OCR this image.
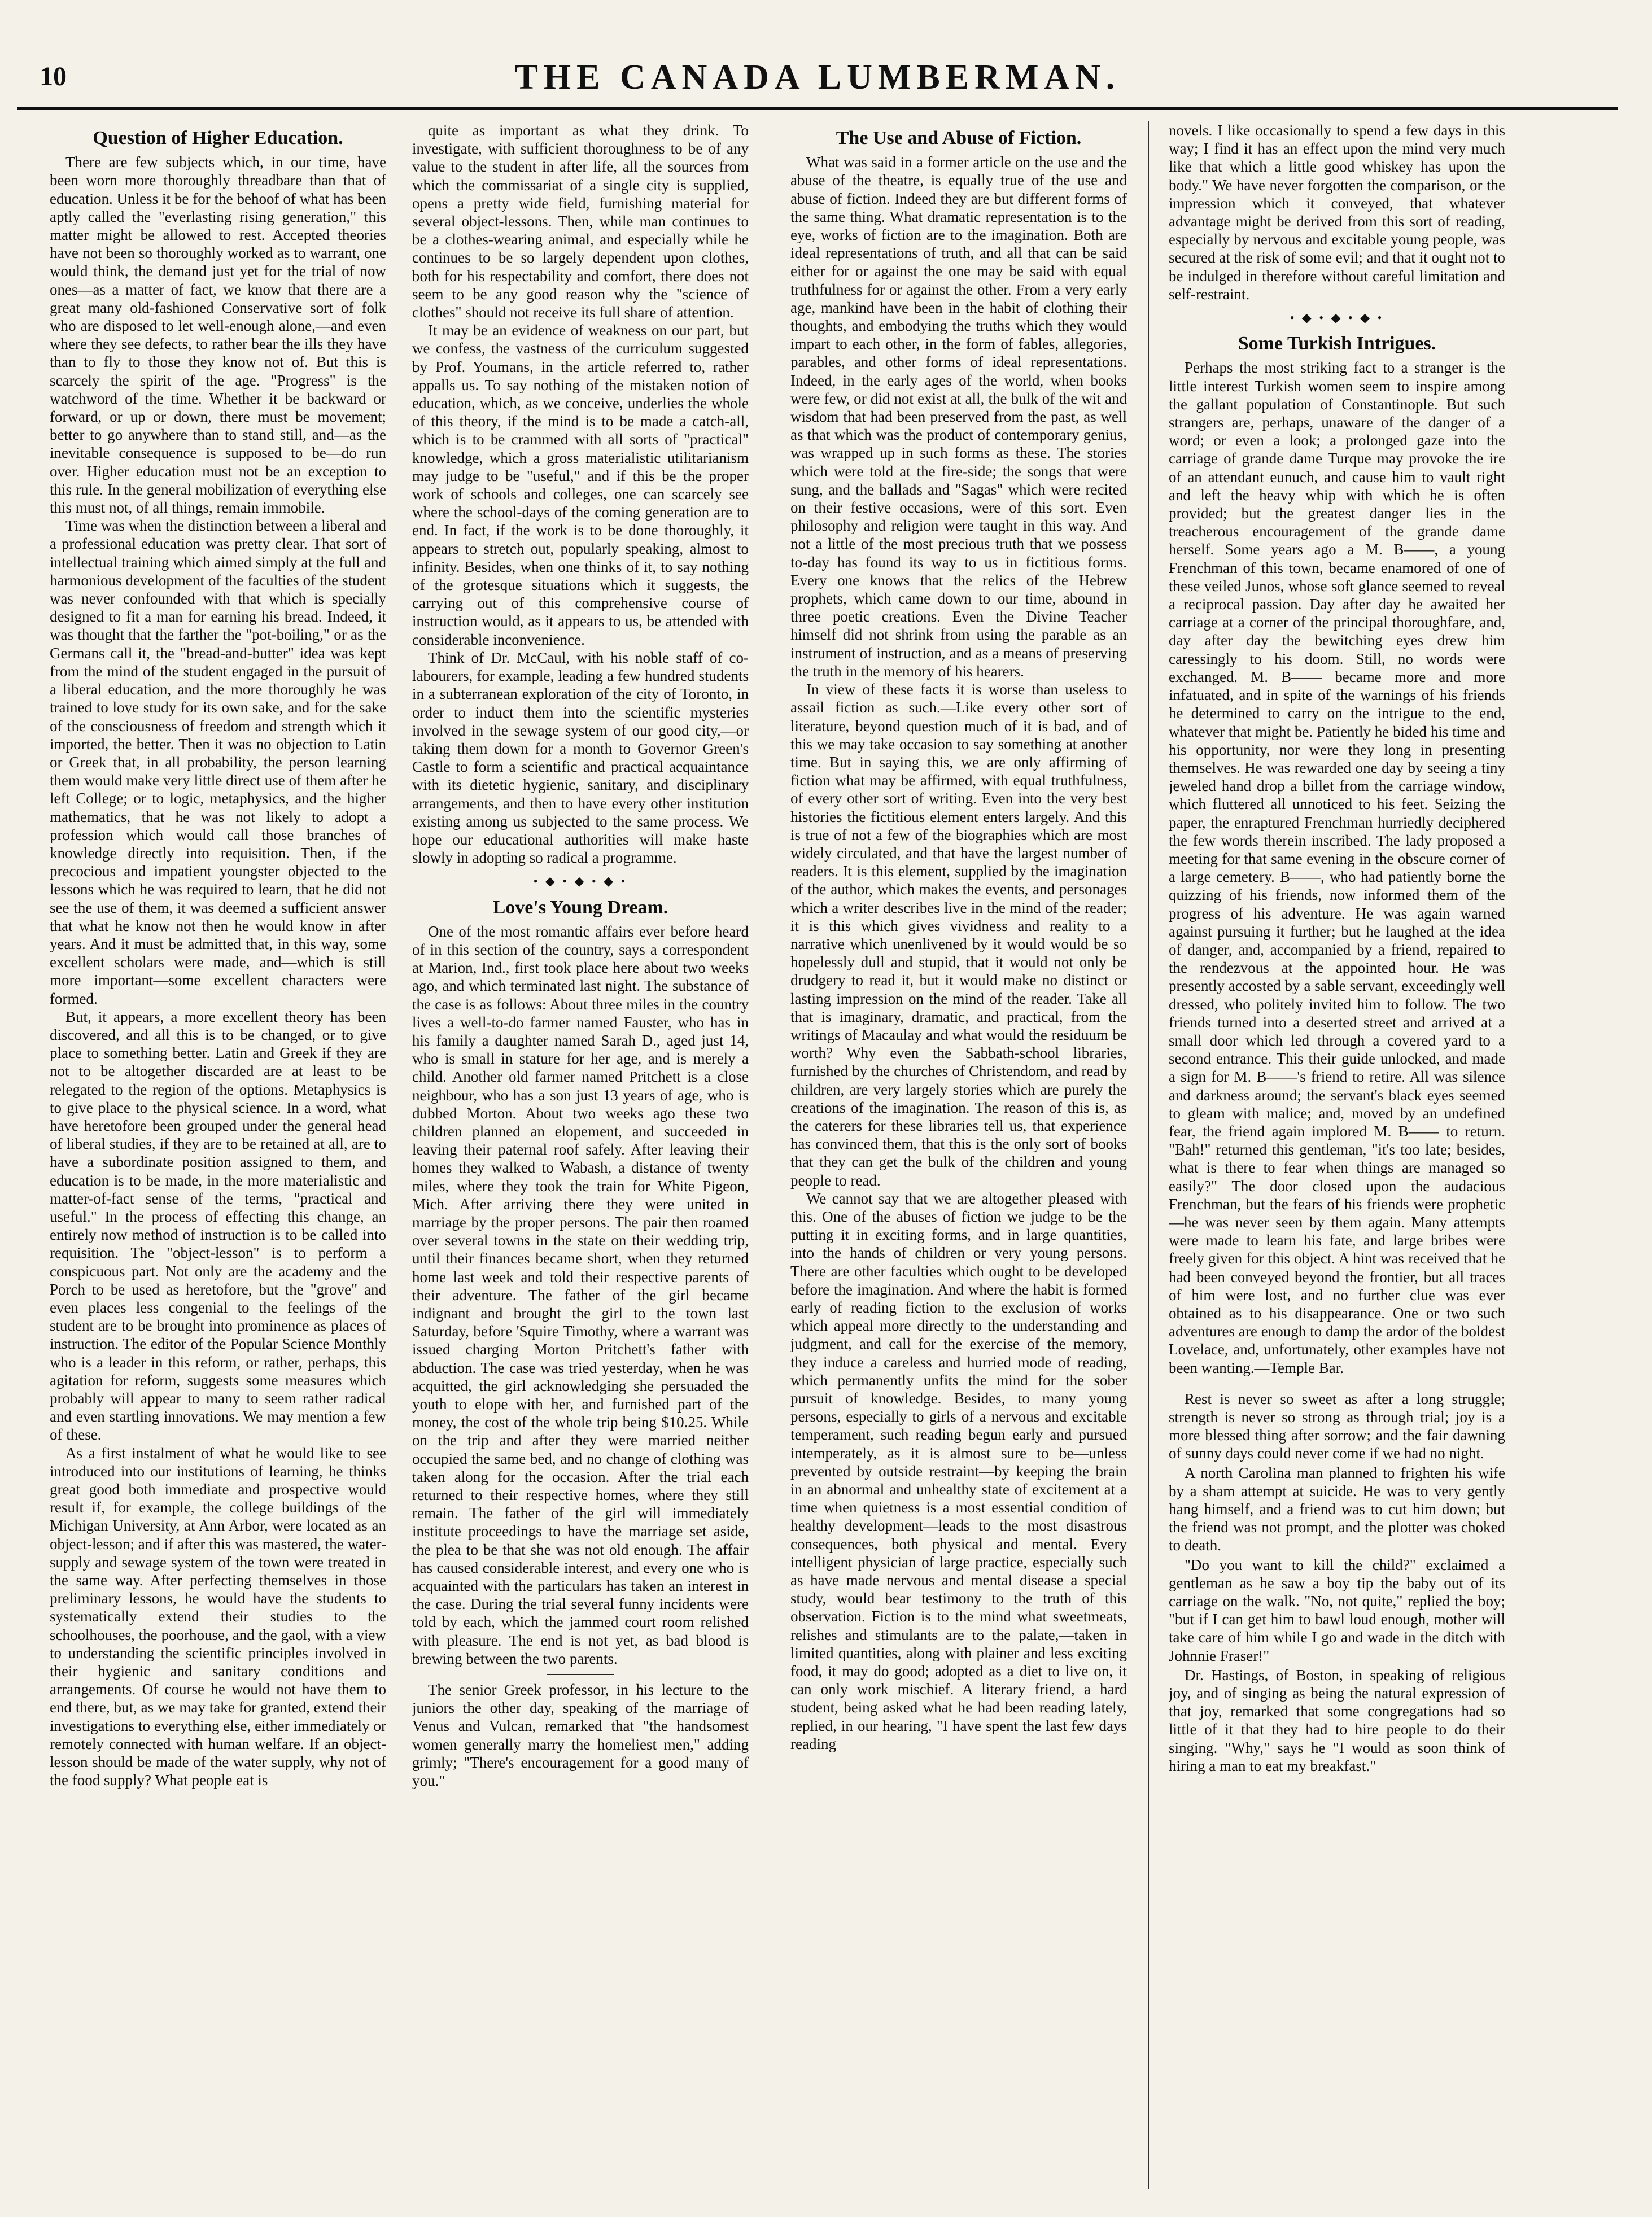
10	THE CANADA LUMBERMAN.
Question of Higher Education.

There are few subjects which, in our time, have been worn more thoroughly threadbare than that of education. Unless it be for the behoof of what has been aptly called the "everlasting rising generation," this matter might be allowed to rest. Accepted theories have not been so thoroughly worked as to warrant, one would think, the demand just yet for the trial of now ones—as a matter of fact, we know that there are a great many old-fashioned Conservative sort of folk who are disposed to let well-enough alone,—and even where they see defects, to rather bear the ills they have than to fly to those they know not of. But this is scarcely the spirit of the age. "Progress" is the watchword of the time. Whether it be backward or forward, or up or down, there must be movement; better to go anywhere than to stand still, and—as the inevitable consequence is supposed to be—do run over. Higher education must not be an exception to this rule. In the general mobilization of everything else this must not, of all things, remain immobile.

Time was when the distinction between a liberal and a professional education was pretty clear. That sort of intellectual training which aimed simply at the full and harmonious development of the faculties of the student was never confounded with that which is specially designed to fit a man for earning his bread. Indeed, it was thought that the farther the "pot-boiling," or as the Germans call it, the "bread-and-butter" idea was kept from the mind of the student engaged in the pursuit of a liberal education, and the more thoroughly he was trained to love study for its own sake, and for the sake of the consciousness of freedom and strength which it imported, the better. Then it was no objection to Latin or Greek that, in all probability, the person learning them would make very little direct use of them after he left College; or to logic, metaphysics, and the higher mathematics, that he was not likely to adopt a profession which would call those branches of knowledge directly into requisition. Then, if the precocious and impatient youngster objected to the lessons which he was required to learn, that he did not see the use of them, it was deemed a sufficient answer that what he know not then he would know in after years. And it must be admitted that, in this way, some excellent scholars were made, and—which is still more important—some excellent characters were formed.

But, it appears, a more excellent theory has been discovered, and all this is to be changed, or to give place to something better. Latin and Greek if they are not to be altogether discarded are at least to be relegated to the region of the options. Metaphysics is to give place to the physical science. In a word, what have heretofore been grouped under the general head of liberal studies, if they are to be retained at all, are to have a subordinate position assigned to them, and education is to be made, in the more materialistic and matter-of-fact sense of the terms, "practical and useful." In the process of effecting this change, an entirely now method of instruction is to be called into requisition. The "object-lesson" is to perform a conspicuous part. Not only are the academy and the Porch to be used as heretofore, but the "grove" and even places less congenial to the feelings of the student are to be brought into prominence as places of instruction. The editor of the Popular Science Monthly who is a leader in this reform, or rather, perhaps, this agitation for reform, suggests some measures which probably will appear to many to seem rather radical and even startling innovations. We may mention a few of these.

As a first instalment of what he would like to see introduced into our institutions of learning, he thinks great good both immediate and prospective would result if, for example, the college buildings of the Michigan University, at Ann Arbor, were located as an object-lesson; and if after this was mastered, the water-supply and sewage system of the town were treated in the same way. After perfecting themselves in those preliminary lessons, he would have the students to systematically extend their studies to the schoolhouses, the poorhouse, and the gaol, with a view to understanding the scientific principles involved in their hygienic and sanitary conditions and arrangements. Of course he would not have them to end there, but, as we may take for granted, extend their investigations to everything else, either immediately or remotely connected with human welfare. If an object-lesson should be made of the water supply, why not of the food supply? What people eat is

quite as important as what they drink. To investigate, with sufficient thoroughness to be of any value to the student in after life, all the sources from which the commissariat of a single city is supplied, opens a pretty wide field, furnishing material for several object-lessons. Then, while man continues to be a clothes-wearing animal, and especially while he continues to be so largely dependent upon clothes, both for his respectability and comfort, there does not seem to be any good reason why the "science of clothes" should not receive its full share of attention.

It may be an evidence of weakness on our part, but we confess, the vastness of the curriculum suggested by Prof. Youmans, in the article referred to, rather appalls us. To say nothing of the mistaken notion of education, which, as we conceive, underlies the whole of this theory, if the mind is to be made a catch-all, which is to be crammed with all sorts of "practical" knowledge, which a gross materialistic utilitarianism may judge to be "useful," and if this be the proper work of schools and colleges, one can scarcely see where the school-days of the coming generation are to end. In fact, if the work is to be done thoroughly, it appears to stretch out, popularly speaking, almost to infinity. Besides, when one thinks of it, to say nothing of the grotesque situations which it suggests, the carrying out of this comprehensive course of instruction would, as it appears to us, be attended with considerable inconvenience.

Think of Dr. McCaul, with his noble staff of co-labourers, for example, leading a few hundred students in a subterranean exploration of the city of Toronto, in order to induct them into the scientific mysteries involved in the sewage system of our good city,—or taking them down for a month to Governor Green's Castle to form a scientific and practical acquaintance with its dietetic hygienic, sanitary, and disciplinary arrangements, and then to have every other institution existing among us subjected to the same process. We hope our educational authorities will make haste slowly in adopting so radical a programme.

• ◆ • ◆ • ◆ •
Love's Young Dream.

One of the most romantic affairs ever before heard of in this section of the country, says a correspondent at Marion, Ind., first took place here about two weeks ago, and which terminated last night. The substance of the case is as follows: About three miles in the country lives a well-to-do farmer named Fauster, who has in his family a daughter named Sarah D., aged just 14, who is small in stature for her age, and is merely a child. Another old farmer named Pritchett is a close neighbour, who has a son just 13 years of age, who is dubbed Morton. About two weeks ago these two children planned an elopement, and succeeded in leaving their paternal roof safely. After leaving their homes they walked to Wabash, a distance of twenty miles, where they took the train for White Pigeon, Mich. After arriving there they were united in marriage by the proper persons. The pair then roamed over several towns in the state on their wedding trip, until their finances became short, when they returned home last week and told their respective parents of their adventure. The father of the girl became indignant and brought the girl to the town last Saturday, before 'Squire Timothy, where a warrant was issued charging Morton Pritchett's father with abduction. The case was tried yesterday, when he was acquitted, the girl acknowledging she persuaded the youth to elope with her, and furnished part of the money, the cost of the whole trip being $10.25. While on the trip and after they were married neither occupied the same bed, and no change of clothing was taken along for the occasion. After the trial each returned to their respective homes, where they still remain. The father of the girl will immediately institute proceedings to have the marriage set aside, the plea to be that she was not old enough. The affair has caused considerable interest, and every one who is acquainted with the particulars has taken an interest in the case. During the trial several funny incidents were told by each, which the jammed court room relished with pleasure. The end is not yet, as bad blood is brewing between the two parents.

The senior Greek professor, in his lecture to the juniors the other day, speaking of the marriage of Venus and Vulcan, remarked that "the handsomest women generally marry the homeliest men," adding grimly; "There's encouragement for a good many of you."

The Use and Abuse of Fiction.

What was said in a former article on the use and the abuse of the theatre, is equally true of the use and abuse of fiction. Indeed they are but different forms of the same thing. What dramatic representation is to the eye, works of fiction are to the imagination. Both are ideal representations of truth, and all that can be said either for or against the one may be said with equal truthfulness for or against the other. From a very early age, mankind have been in the habit of clothing their thoughts, and embodying the truths which they would impart to each other, in the form of fables, allegories, parables, and other forms of ideal representations. Indeed, in the early ages of the world, when books were few, or did not exist at all, the bulk of the wit and wisdom that had been preserved from the past, as well as that which was the product of contemporary genius, was wrapped up in such forms as these. The stories which were told at the fire-side; the songs that were sung, and the ballads and "Sagas" which were recited on their festive occasions, were of this sort. Even philosophy and religion were taught in this way. And not a little of the most precious truth that we possess to-day has found its way to us in fictitious forms. Every one knows that the relics of the Hebrew prophets, which came down to our time, abound in three poetic creations. Even the Divine Teacher himself did not shrink from using the parable as an instrument of instruction, and as a means of preserving the truth in the memory of his hearers.

In view of these facts it is worse than useless to assail fiction as such.—Like every other sort of literature, beyond question much of it is bad, and of this we may take occasion to say something at another time. But in saying this, we are only affirming of fiction what may be affirmed, with equal truthfulness, of every other sort of writing. Even into the very best histories the fictitious element enters largely. And this is true of not a few of the biographies which are most widely circulated, and that have the largest number of readers. It is this element, supplied by the imagination of the author, which makes the events, and personages which a writer describes live in the mind of the reader; it is this which gives vividness and reality to a narrative which unenlivened by it would would be so hopelessly dull and stupid, that it would not only be drudgery to read it, but it would make no distinct or lasting impression on the mind of the reader. Take all that is imaginary, dramatic, and practical, from the writings of Macaulay and what would the residuum be worth? Why even the Sabbath-school libraries, furnished by the churches of Christendom, and read by children, are very largely stories which are purely the creations of the imagination. The reason of this is, as the caterers for these libraries tell us, that experience has convinced them, that this is the only sort of books that they can get the bulk of the children and young people to read.

We cannot say that we are altogether pleased with this. One of the abuses of fiction we judge to be the putting it in exciting forms, and in large quantities, into the hands of children or very young persons. There are other faculties which ought to be developed before the imagination. And where the habit is formed early of reading fiction to the exclusion of works which appeal more directly to the understanding and judgment, and call for the exercise of the memory, they induce a careless and hurried mode of reading, which permanently unfits the mind for the sober pursuit of knowledge. Besides, to many young persons, especially to girls of a nervous and excitable temperament, such reading begun early and pursued intemperately, as it is almost sure to be—unless prevented by outside restraint—by keeping the brain in an abnormal and unhealthy state of excitement at a time when quietness is a most essential condition of healthy development—leads to the most disastrous consequences, both physical and mental. Every intelligent physician of large practice, especially such as have made nervous and mental disease a special study, would bear testimony to the truth of this observation. Fiction is to the mind what sweetmeats, relishes and stimulants are to the palate,—taken in limited quantities, along with plainer and less exciting food, it may do good; adopted as a diet to live on, it can only work mischief. A literary friend, a hard student, being asked what he had been reading lately, replied, in our hearing, "I have spent the last few days reading

novels. I like occasionally to spend a few days in this way; I find it has an effect upon the mind very much like that which a little good whiskey has upon the body." We have never forgotten the comparison, or the impression which it conveyed, that whatever advantage might be derived from this sort of reading, especially by nervous and excitable young people, was secured at the risk of some evil; and that it ought not to be indulged in therefore without careful limitation and self-restraint.

• ◆ • ◆ • ◆ •
Some Turkish Intrigues.

Perhaps the most striking fact to a stranger is the little interest Turkish women seem to inspire among the gallant population of Constantinople. But such strangers are, perhaps, unaware of the danger of a word; or even a look; a prolonged gaze into the carriage of grande dame Turque may provoke the ire of an attendant eunuch, and cause him to vault right and left the heavy whip with which he is often provided; but the greatest danger lies in the treacherous encouragement of the grande dame herself. Some years ago a M. B——, a young Frenchman of this town, became enamored of one of these veiled Junos, whose soft glance seemed to reveal a reciprocal passion. Day after day he awaited her carriage at a corner of the principal thoroughfare, and, day after day the bewitching eyes drew him caressingly to his doom. Still, no words were exchanged. M. B—— became more and more infatuated, and in spite of the warnings of his friends he determined to carry on the intrigue to the end, whatever that might be. Patiently he bided his time and his opportunity, nor were they long in presenting themselves. He was rewarded one day by seeing a tiny jeweled hand drop a billet from the carriage window, which fluttered all unnoticed to his feet. Seizing the paper, the enraptured Frenchman hurriedly deciphered the few words therein inscribed. The lady proposed a meeting for that same evening in the obscure corner of a large cemetery. B——, who had patiently borne the quizzing of his friends, now informed them of the progress of his adventure. He was again warned against pursuing it further; but he laughed at the idea of danger, and, accompanied by a friend, repaired to the rendezvous at the appointed hour. He was presently accosted by a sable servant, exceedingly well dressed, who politely invited him to follow. The two friends turned into a deserted street and arrived at a small door which led through a covered yard to a second entrance. This their guide unlocked, and made a sign for M. B——'s friend to retire. All was silence and darkness around; the servant's black eyes seemed to gleam with malice; and, moved by an undefined fear, the friend again implored M. B—— to return. "Bah!" returned this gentleman, "it's too late; besides, what is there to fear when things are managed so easily?" The door closed upon the audacious Frenchman, but the fears of his friends were prophetic—he was never seen by them again. Many attempts were made to learn his fate, and large bribes were freely given for this object. A hint was received that he had been conveyed beyond the frontier, but all traces of him were lost, and no further clue was ever obtained as to his disappearance. One or two such adventures are enough to damp the ardor of the boldest Lovelace, and, unfortunately, other examples have not been wanting.—Temple Bar.

Rest is never so sweet as after a long struggle; strength is never so strong as through trial; joy is a more blessed thing after sorrow; and the fair dawning of sunny days could never come if we had no night.

A north Carolina man planned to frighten his wife by a sham attempt at suicide. He was to very gently hang himself, and a friend was to cut him down; but the friend was not prompt, and the plotter was choked to death.

"Do you want to kill the child?" exclaimed a gentleman as he saw a boy tip the baby out of its carriage on the walk. "No, not quite," replied the boy; "but if I can get him to bawl loud enough, mother will take care of him while I go and wade in the ditch with Johnnie Fraser!"

Dr. Hastings, of Boston, in speaking of religious joy, and of singing as being the natural expression of that joy, remarked that some congregations had so little of it that they had to hire people to do their singing. "Why," says he "I would as soon think of hiring a man to eat my breakfast."
